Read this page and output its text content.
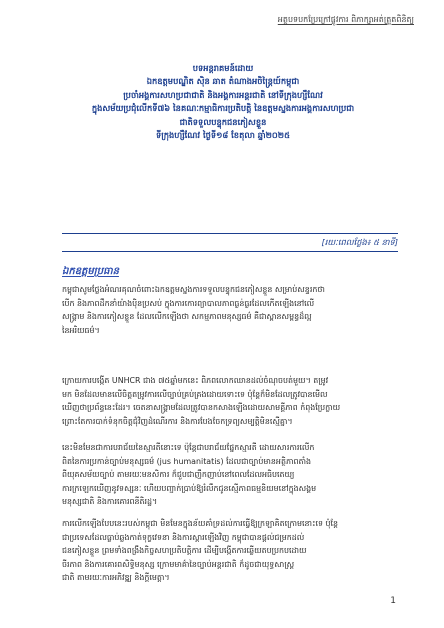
អត្ថបទបកប្រែក្រៅផ្លូវការ ពិភាក្សាអត់ត្រួតពិនិត្យ
បទអន្តរាគមន៍ដោយ
ឯកឧត្តមបណ្ឌិត ស៊ិន ឆាត តំណាងអចិន្ត្រៃយ៍កម្ពុជា
ប្រចាំអង្គការសហប្រជាជាតិ និងអង្គការអន្តរជាតិ នៅទីក្រុងហ្សឺណែវ
ក្នុងសម័យប្រជុំលើកទី៧៦ នៃគណៈកម្មាធិការប្រតិបត្តិ នៃឧត្តមស្នងការអង្គការសហប្រជា
ជាតិទទួលបន្ទុកជនភៀសខ្លួន
ទីក្រុងហ្សឺណែវ ថ្ងៃទី១៨ ខែតុលា ឆ្នាំ២០២៥
[រយៈពេលថ្លែង៖ ៥ នាទី]
ឯកឧត្តមប្រធាន
កម្ពុជាសូមថ្លែងអំណរគុណចំពោះឯកឧត្តមស្នងការទទួលបន្ទុកជនភៀសខ្លួន សម្រាប់សន្ទរកថា
បើក និងភាពដឹកនាំយ៉ាងប៉ិនប្រសប់ ក្នុងការកោរព្យាបាលភាពធ្ងន់ធ្ងរដែលកើតឡើងនៅលើ
សង្គ្រាម និងការភៀសខ្លួន ដែលលើកឡើងថា សកម្មភាពមនុស្សធម៌ គឺជាស្ពានសម្ពន្ធដ៏ល្អ
នៃអរិយធម៌។
ក្រោយការបង្កើត UNHCR ជាង ៧៥ឆ្នាំមកនេះ ពិភពលោកឈានដល់ចំណុចបត់មួយ។ តម្រូវ
មក មិនដែលមានលើចិត្តតម្រូវការលើច្បាប់គ្រប់គ្រងដោយទោះទេ ប៉ុន្តែក៏មិនដែលត្រូវបានមើល
ឃើញថាប្រព័ន្ធនេះដែរ។ ចេតនាសង្គ្រាមដែលត្រូវបានកសាងឡើងដោយសាមគ្គីភាព កំពុងប្រែក្លាយ
ព្រោះតែការបាក់ទំនុកចិត្តជុំវិញដំណើរការ និងការបែងចែកទ្រព្យសម្បត្តិមិនស្មើគ្នា។
នេះមិនមែនជាការបរាជ័យនៃស្មារតីនោះទេ ប៉ុន្តែជាបរាជ័យផ្នែកស្មារតី ដោយសារការលើក
ពិតនៃការប្រកាន់ច្បាប់មនុស្សធម៌ (jus humanitatis) ដែលជាច្បាប់មានអត្ថិភាពតាំង
ពីយុគសម័យច្បាប់ តាមរយៈមនសិការ ក៏ជួបជាញឹកញាប់នៅពេលដែលអធិបតេយ្យ
ការក្រឡេកឃើញនូវទស្សនៈ ហើយបញ្ជាក់ប្រាប់ឱ្យរំលឹកជូនស្មើភាពធម្មនិយមនៅក្នុងសង្គម
មនុស្សជាតិ និងការគោរពនីតិរដ្ឋ។
ការលើកឡើងបែបនេះរបស់កម្ពុជា មិនមែនក្នុងន័យគាំទ្រដល់ការធ្វើឱ្យក្រឡាគិតក្រោមនោះទេ ប៉ុន្តែ
ជាប្រទេសដែលធ្លាប់ឆ្លងកាត់ទុក្ខវេទនា និងការស្តារឡើងវិញ កម្ពុជាបានផ្តល់ជម្រកដល់
ជនភៀសខ្លួន ព្រមទាំងពង្រឹងកិច្ចសហប្រតិបត្តិការ ដើម្បីបង្កើតការឆ្លើយតបប្រកបដោយ
ចីរភាព និងការគោរពសិទ្ធិមនុស្ស ក្រោមមាគ៌ានៃច្បាប់អន្តរជាតិ ក៏ដូចជាយុទ្ធសាស្ត្រ
ជាតិ តាមរយៈការអភិវឌ្ឍ និងក្តីមេត្តា។
1
